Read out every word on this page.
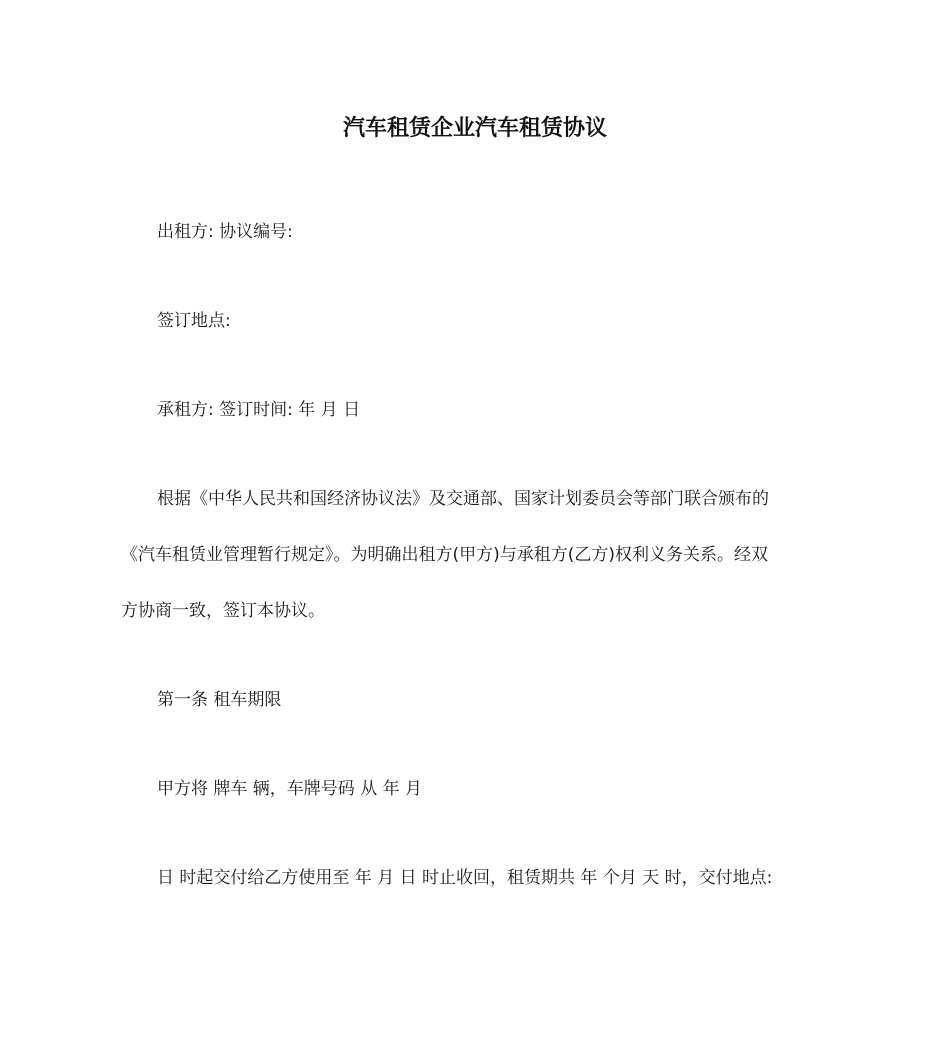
汽车租赁企业汽车租赁协议
出租方: 协议编号:
签订地点:
承租方: 签订时间: 年 月 日
根据《中华人民共和国经济协议法》及交通部、国家计划委员会等部门联合颁布的
《汽车租赁业管理暂行规定》。为明确出租方(甲方)与承租方(乙方)权利义务关系。经双
方协商一致，签订本协议。
第一条 租车期限
甲方将 牌车 辆，车牌号码 从 年 月
日 时起交付给乙方使用至 年 月 日 时止收回，租赁期共 年 个月 天 时，交付地点:
